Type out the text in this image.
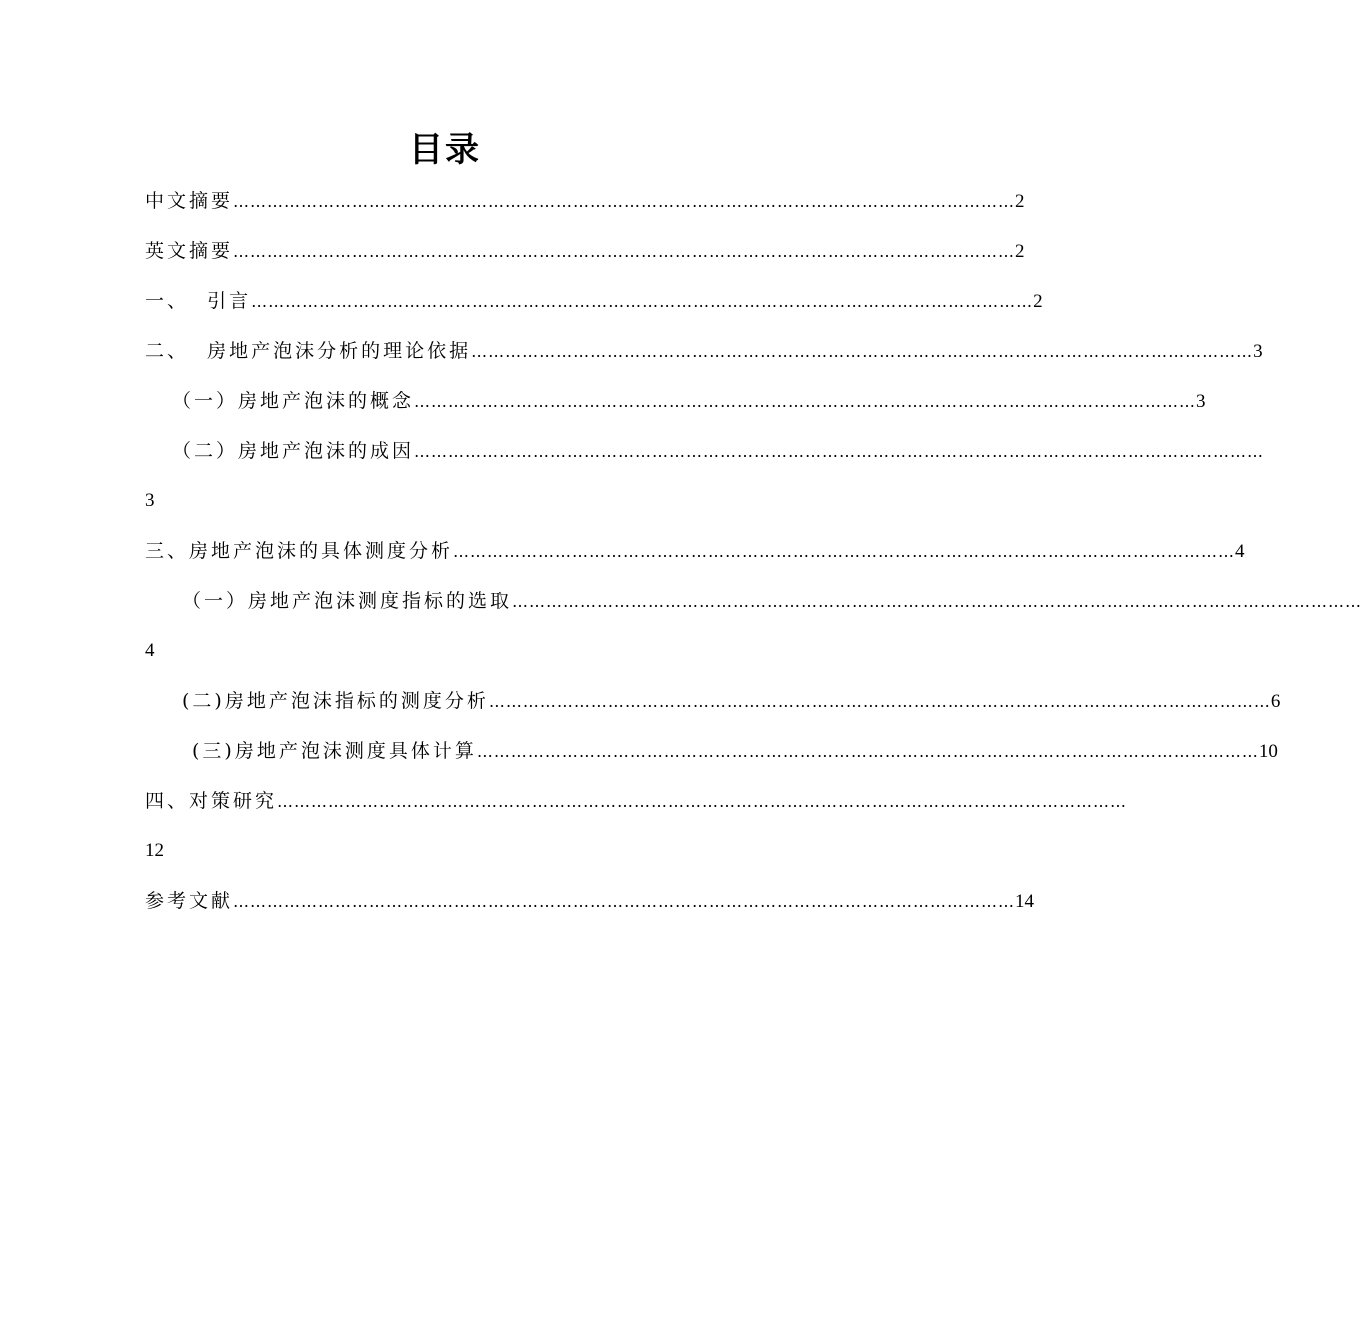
目录
中文摘要 ………………………………………………………………………………………………………………………… 2
英文摘要 ………………………………………………………………………………………………………………………… 2
一、  引言 ………………………………………………………………………………………………………………………… 2
二、  房地产泡沫分析的理论依据 ………………………………………………………………………………………………………………………… 3
（一）房地产泡沫的概念 ………………………………………………………………………………………………………………………… 3
（二）房地产泡沫的成因 ……………………………………………………………………………………………………………………………………
3
三、房地产泡沫的具体测度分析 ………………………………………………………………………………………………………………………… 4
（一）房地产泡沫测度指标的选取 ……………………………………………………………………………………………………………………………………
4
(二)房地产泡沫指标的测度分析 ………………………………………………………………………………………………………………………… 6
(三)房地产泡沫测度具体计算 ………………………………………………………………………………………………………………………… 10
四、对策研究 ……………………………………………………………………………………………………………………………………
12
参考文献 ………………………………………………………………………………………………………………………… 14
